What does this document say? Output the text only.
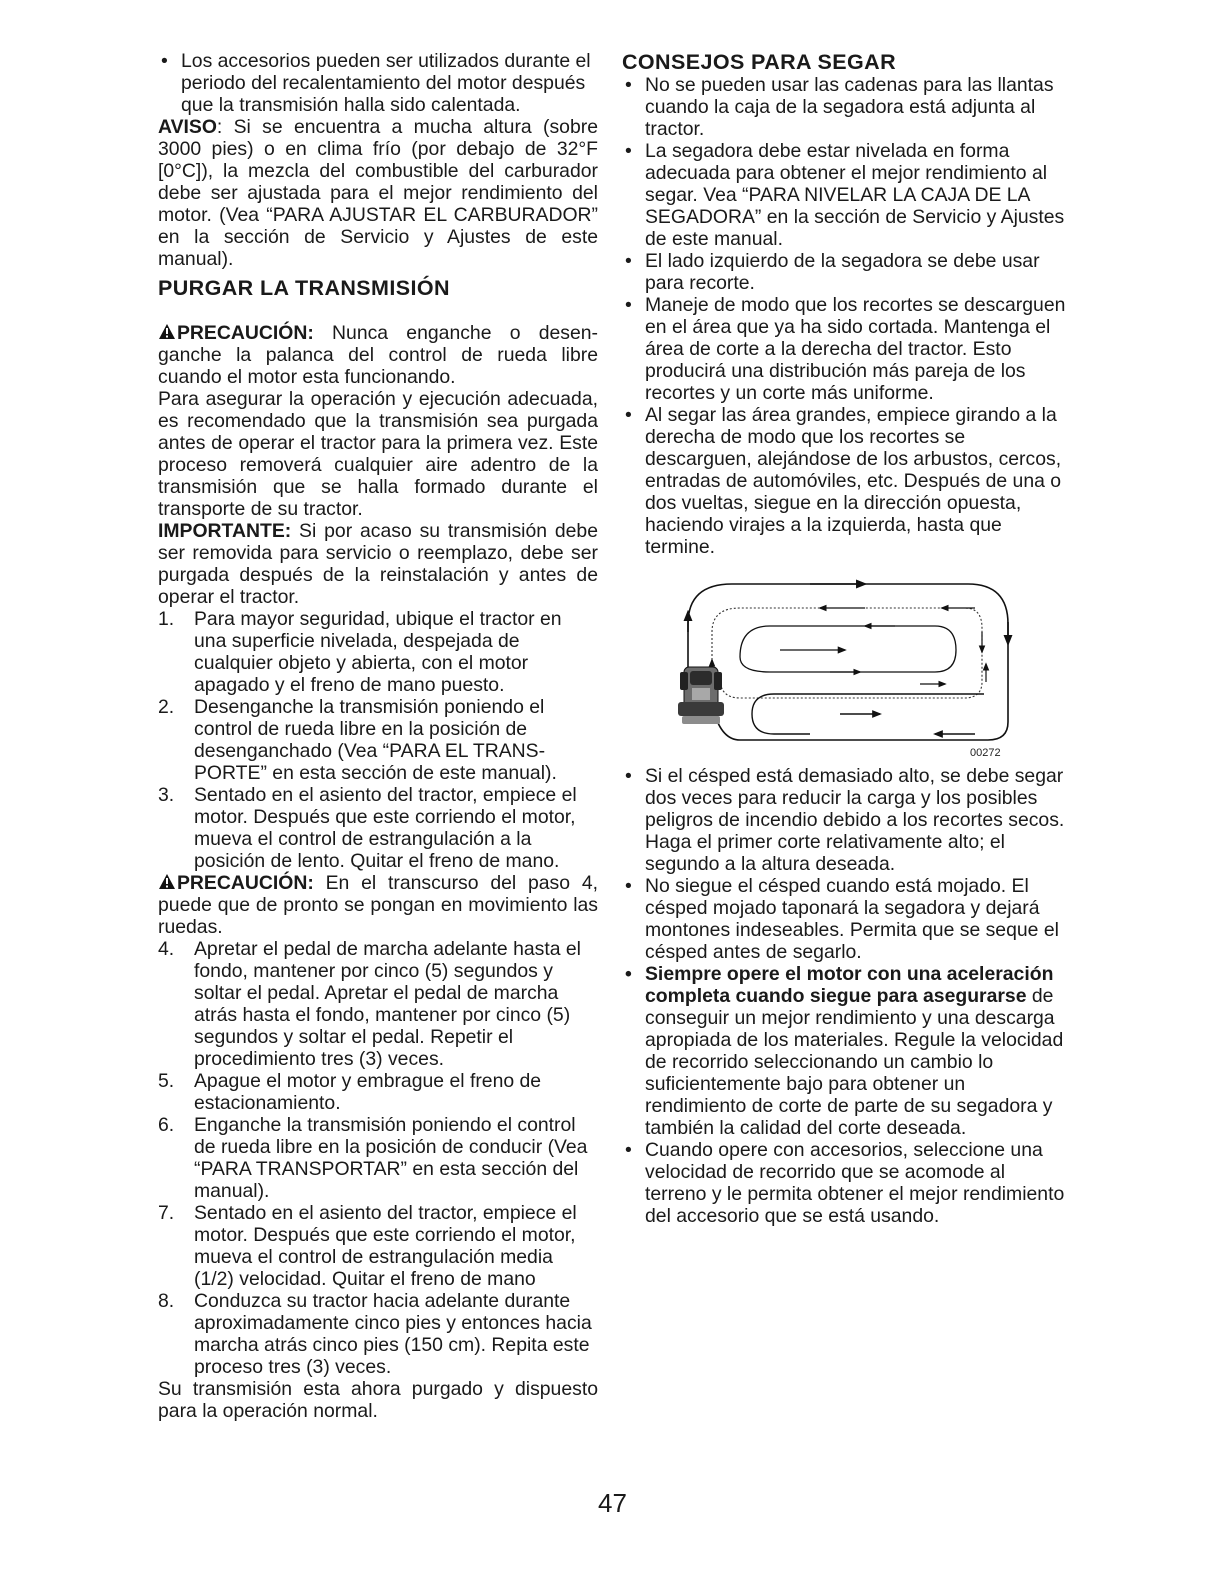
• Los accesorios pueden ser utilizados durante el periodo del recalentamiento del motor después que la transmisión halla sido calentada.

AVISO: Si se encuentra a mucha altura (sobre 3000 pies) o en clima frío (por debajo de 32°F [0°C]), la mezcla del combustible del carburador debe ser ajustada para el mejor rendimiento del motor. (Vea “PARA AJUSTAR EL CARBURADOR” en la sección de Servicio y Ajustes de este manual).

PURGAR LA TRANSMISIÓN

PRECAUCIÓN: Nunca enganche o desenganche la palanca del control de rueda libre cuando el motor esta funcionando.

Para asegurar la operación y ejecución adecuada, es recomendado que la transmisión sea purgada antes de operar el tractor para la primera vez. Este proceso removerá cualquier aire adentro de la transmisión que se halla formado durante el transporte de su tractor.

IMPORTANTE: Si por acaso su transmisión debe ser removida para servicio o reemplazo, debe ser purgada después de la reinstalación y antes de operar el tractor.

1. Para mayor seguridad, ubique el tractor en una superficie nivelada, despejada de cualquier objeto y abierta, con el motor apagado y el freno de mano puesto.

2. Desenganche la transmisión poniendo el control de rueda libre en la posición de desenganchado (Vea “PARA EL TRANSPORTE” en esta sección de este manual).

3. Sentado en el asiento del tractor, empiece el motor. Después que este corriendo el motor, mueva el control de estrangulación a la posición de lento. Quitar el freno de mano.

PRECAUCIÓN: En el transcurso del paso 4, puede que de pronto se pongan en movimiento las ruedas.

4. Apretar el pedal de marcha adelante hasta el fondo, mantener por cinco (5) segundos y soltar el pedal. Apretar el pedal de marcha atrás hasta el fondo, mantener por cinco (5) segundos y soltar el pedal. Repetir el procedimiento tres (3) veces.

5. Apague el motor y embrague el freno de estacionamiento.

6. Enganche la transmisión poniendo el control de rueda libre en la posición de conducir (Vea “PARA TRANSPORTAR” en esta sección del manual).

7. Sentado en el asiento del tractor, empiece el motor. Después que este corriendo el motor, mueva el control de estrangulación media (1/2) velocidad. Quitar el freno de mano

8. Conduzca su tractor hacia adelante durante aproximadamente cinco pies y entonces hacia marcha atrás cinco pies (150 cm). Repita este proceso tres (3) veces.

Su transmisión esta ahora purgado y dispuesto para la operación normal.

CONSEJOS PARA SEGAR

• No se pueden usar las cadenas para las llantas cuando la caja de la segadora está adjunta al tractor.

• La segadora debe estar nivelada en forma adecuada para obtener el mejor rendimiento al segar. Vea “PARA NIVELAR LA CAJA DE LA SEGADORA” en la sección de Servicio y Ajustes de este manual.

• El lado izquierdo de la segadora se debe usar para recorte.

• Maneje de modo que los recortes se descarguen en el área que ya ha sido cortada. Mantenga el área de corte a la derecha del tractor. Esto producirá una distribución más pareja de los recortes y un corte más uniforme.

• Al segar las área grandes, empiece girando a la derecha de modo que los recortes se descarguen, alejándose de los arbustos, cercos, entradas de automóviles, etc. Después de una o dos vueltas, siegue en la dirección opuesta, haciendo virajes a la izquierda, hasta que termine.

00272

• Si el césped está demasiado alto, se debe segar dos veces para reducir la carga y los posibles peligros de incendio debido a los recortes secos. Haga el primer corte relativamente alto; el segundo a la altura deseada.

• No siegue el césped cuando está mojado. El césped mojado taponará la segadora y dejará montones indeseables. Permita que se seque el césped antes de segarlo.

• Siempre opere el motor con una aceleración completa cuando siegue para asegurarse de conseguir un mejor rendimiento y una descarga apropiada de los materiales. Regule la velocidad de recorrido seleccionando un cambio lo suficientemente bajo para obtener un rendimiento de corte de parte de su segadora y también la calidad del corte deseada.

• Cuando opere con accesorios, seleccione una velocidad de recorrido que se acomode al terreno y le permita obtener el mejor rendimiento del accesorio que se está usando.

47
